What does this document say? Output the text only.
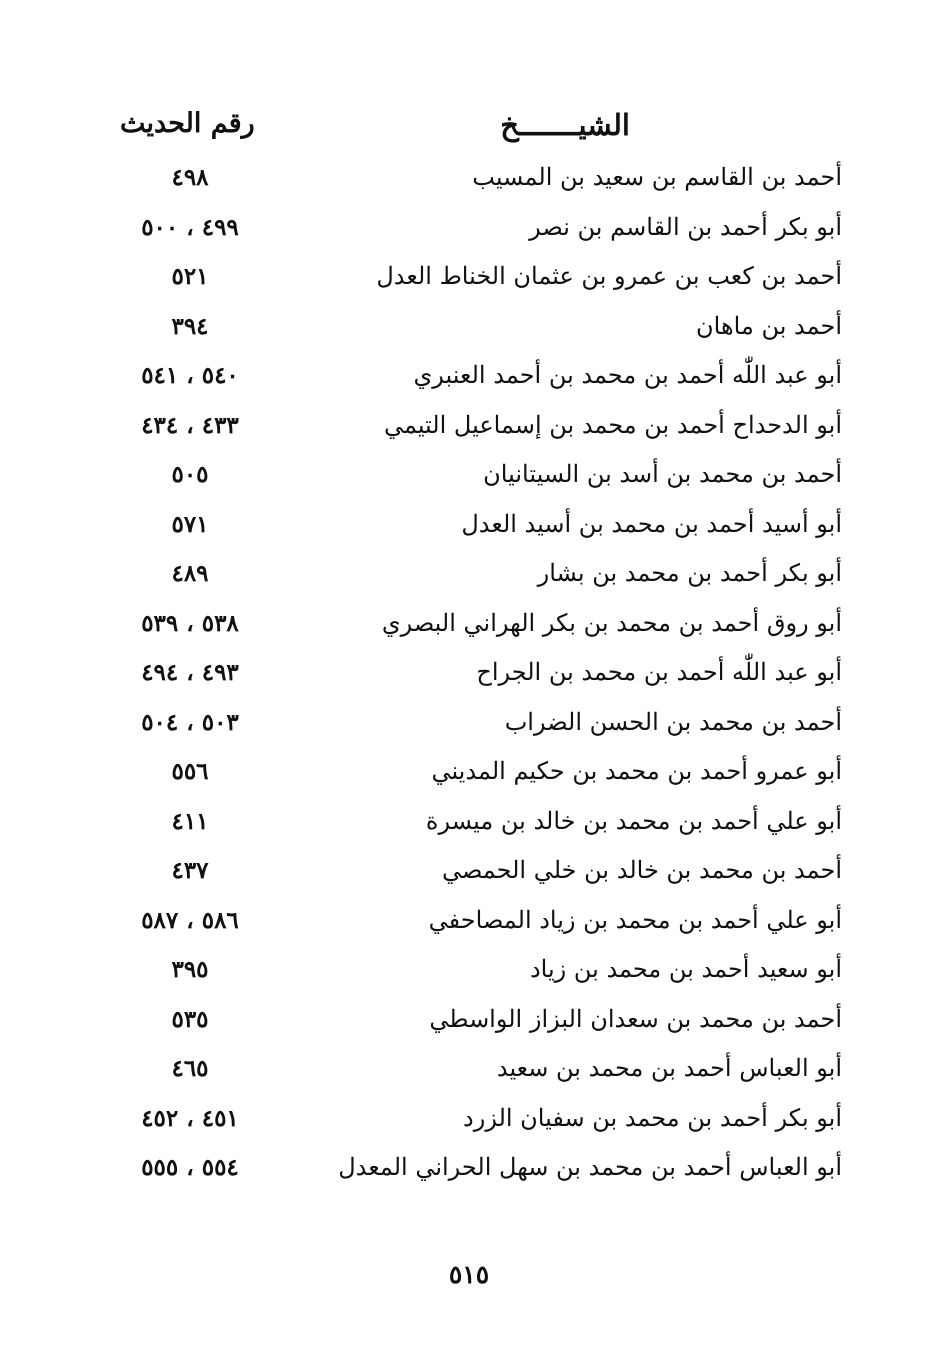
الشيـــــــخ
رقم الحديث
أحمد بن القاسم بن سعيد بن المسيب
٤٩٨
أبو بكر أحمد بن القاسم بن نصر
٤٩٩ ، ٥٠٠
أحمد بن كعب بن عمرو بن عثمان الخناط العدل
٥٢١
أحمد بن ماهان
٣٩٤
أبو عبد اللّٰه أحمد بن محمد بن أحمد العنبري
٥٤٠ ، ٥٤١
أبو الدحداح أحمد بن محمد بن إسماعيل التيمي
٤٣٣ ، ٤٣٤
أحمد بن محمد بن أسد بن السيتانيان
٥٠٥
أبو أسيد أحمد بن محمد بن أسيد العدل
٥٧١
أبو بكر أحمد بن محمد بن بشار
٤٨٩
أبو روق أحمد بن محمد بن بكر الهراني البصري
٥٣٨ ، ٥٣٩
أبو عبد اللّٰه أحمد بن محمد بن الجراح
٤٩٣ ، ٤٩٤
أحمد بن محمد بن الحسن الضراب
٥٠٣ ، ٥٠٤
أبو عمرو أحمد بن محمد بن حكيم المديني
٥٥٦
أبو علي أحمد بن محمد بن خالد بن ميسرة
٤١١
أحمد بن محمد بن خالد بن خلي الحمصي
٤٣٧
أبو علي أحمد بن محمد بن زياد المصاحفي
٥٨٦ ، ٥٨٧
أبو سعيد أحمد بن محمد بن زياد
٣٩٥
أحمد بن محمد بن سعدان البزاز الواسطي
٥٣٥
أبو العباس أحمد بن محمد بن سعيد
٤٦٥
أبو بكر أحمد بن محمد بن سفيان الزرد
٤٥١ ، ٤٥٢
أبو العباس أحمد بن محمد بن سهل الحراني المعدل
٥٥٤ ، ٥٥٥
٥١٥
